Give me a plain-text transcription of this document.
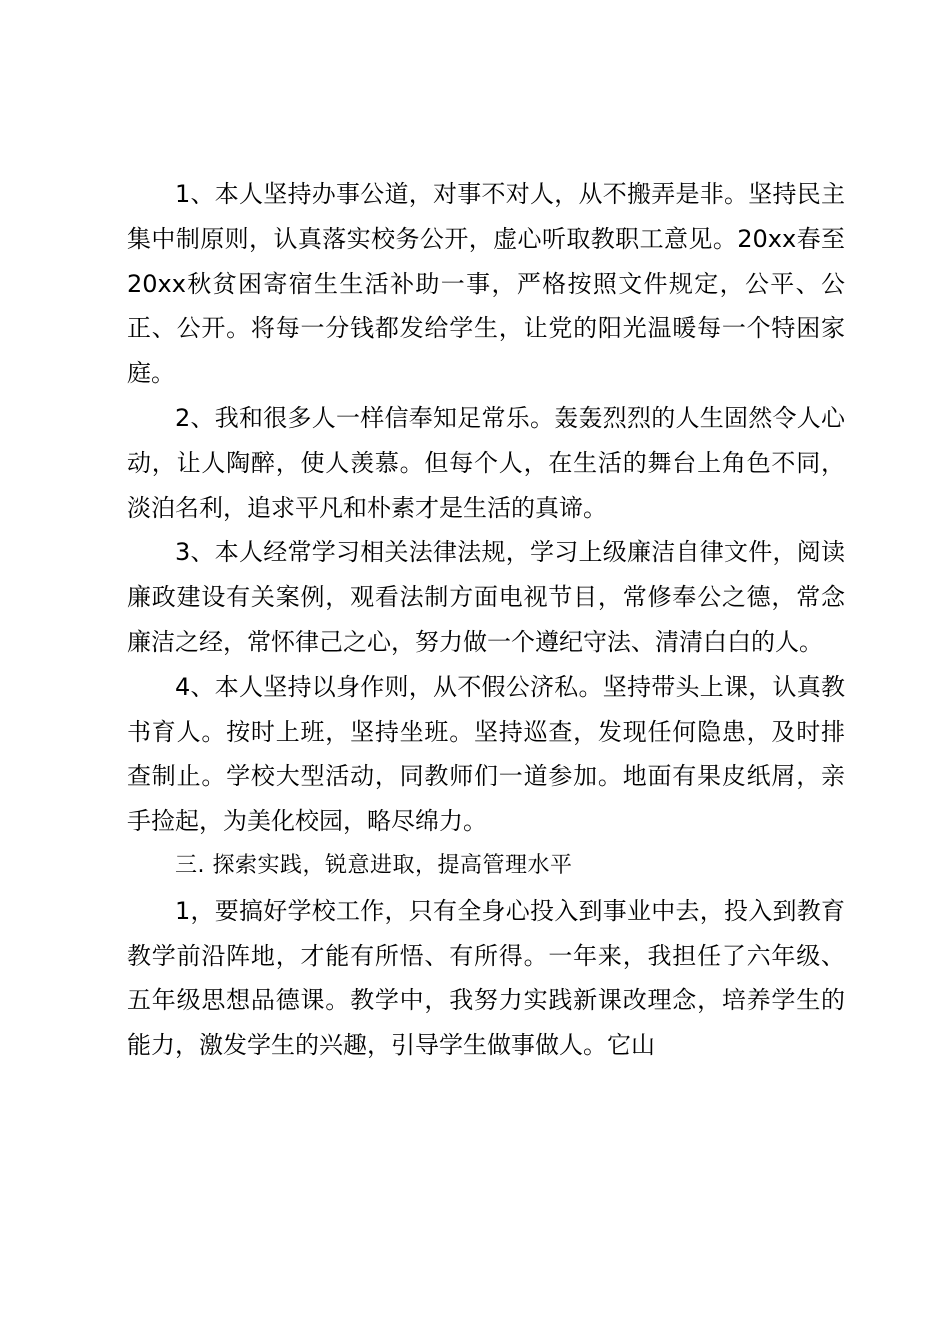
1、本人坚持办事公道，对事不对人，从不搬弄是非。坚持民主集中制原则，认真落实校务公开，虚心听取教职工意见。20xx春至20xx秋贫困寄宿生生活补助一事，严格按照文件规定，公平、公正、公开。将每一分钱都发给学生，让党的阳光温暖每一个特困家庭。

2、我和很多人一样信奉知足常乐。轰轰烈烈的人生固然令人心动，让人陶醉，使人羡慕。但每个人，在生活的舞台上角色不同，淡泊名利，追求平凡和朴素才是生活的真谛。

3、本人经常学习相关法律法规，学习上级廉洁自律文件，阅读廉政建设有关案例，观看法制方面电视节目，常修奉公之德，常念廉洁之经，常怀律己之心，努力做一个遵纪守法、清清白白的人。

4、本人坚持以身作则，从不假公济私。坚持带头上课，认真教书育人。按时上班，坚持坐班。坚持巡查，发现任何隐患，及时排查制止。学校大型活动，同教师们一道参加。地面有果皮纸屑，亲手捡起，为美化校园，略尽绵力。

三. 探索实践，锐意进取，提高管理水平

1，要搞好学校工作，只有全身心投入到事业中去，投入到教育教学前沿阵地，才能有所悟、有所得。一年来，我担任了六年级、五年级思想品德课。教学中，我努力实践新课改理念，培养学生的能力，激发学生的兴趣，引导学生做事做人。它山
